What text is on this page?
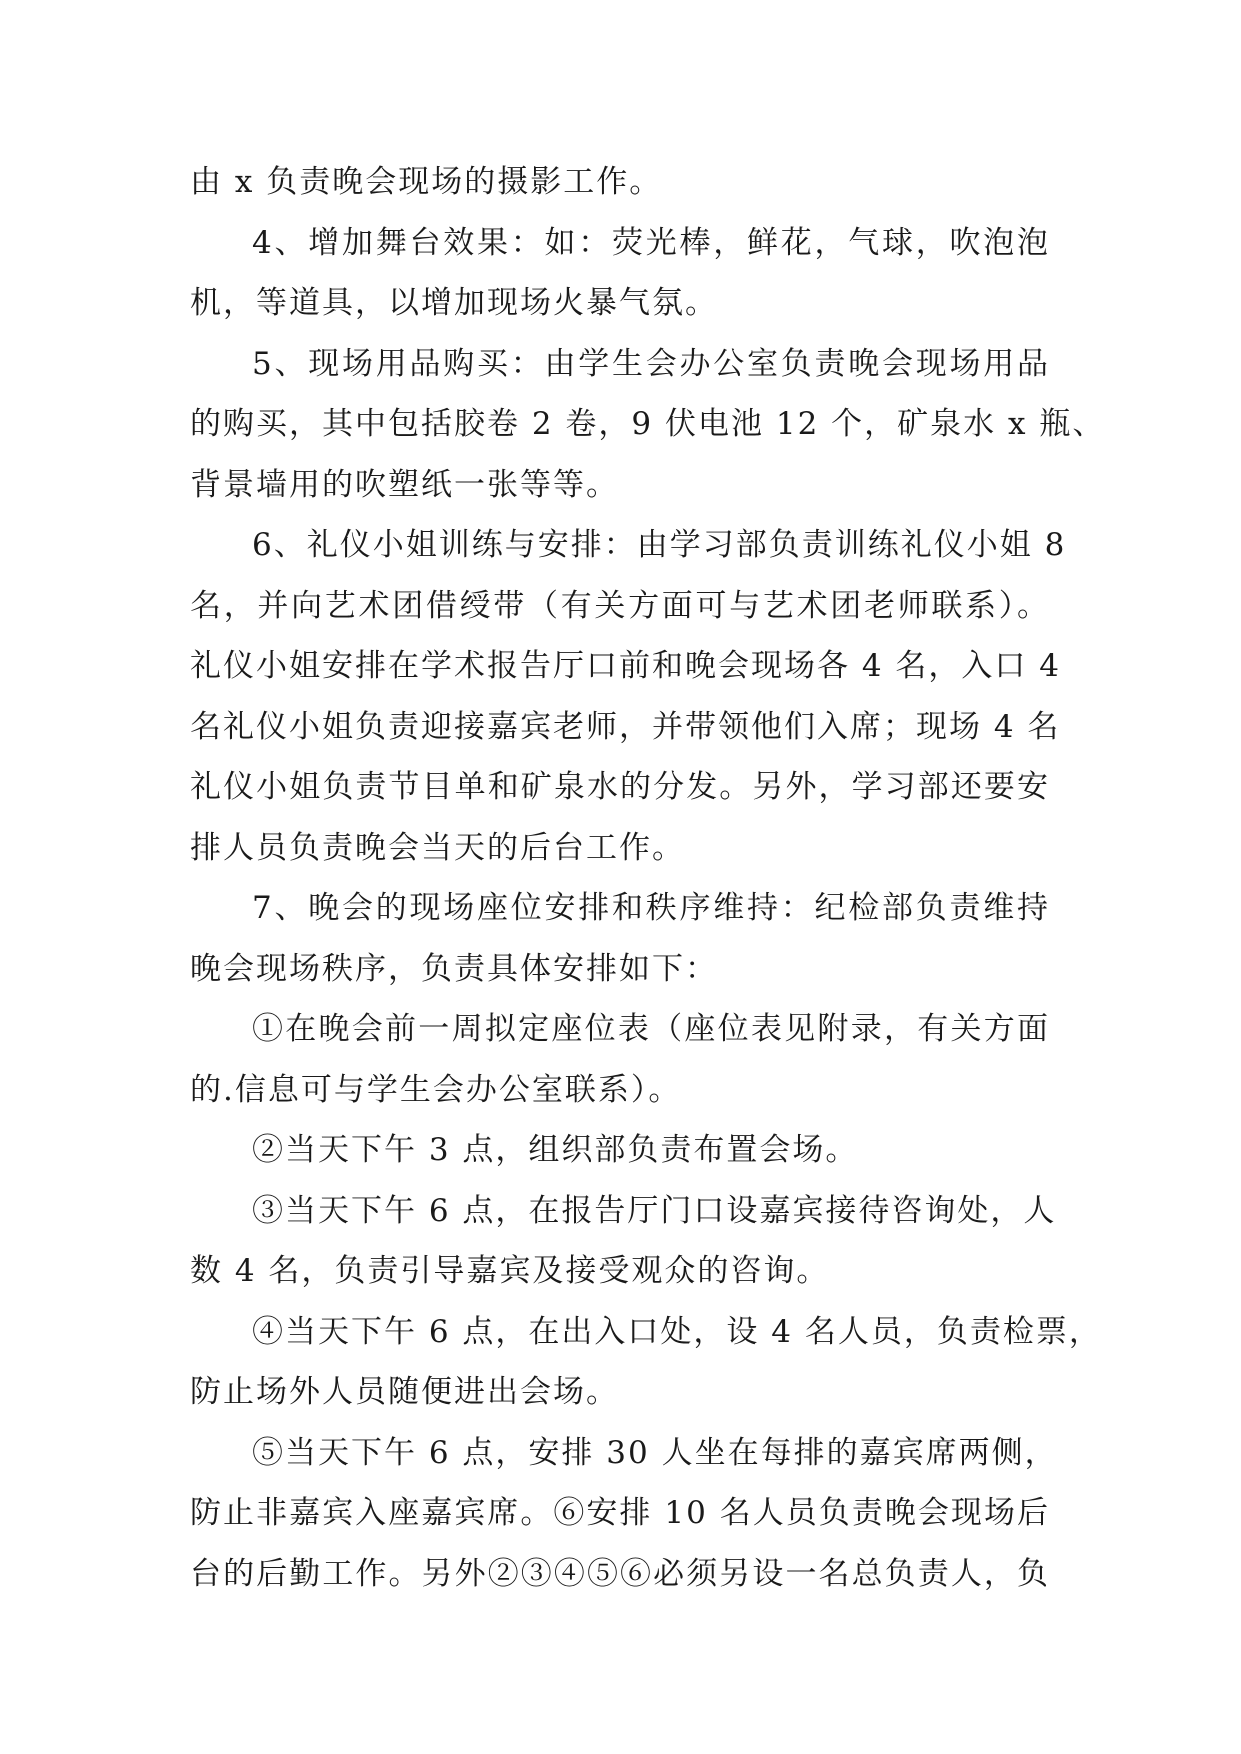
由 x 负责晚会现场的摄影工作。
4、增加舞台效果：如：荧光棒，鲜花，气球，吹泡泡
机，等道具，以增加现场火暴气氛。
5、现场用品购买：由学生会办公室负责晚会现场用品
的购买，其中包括胶卷 2 卷，9 伏电池 12 个，矿泉水 x 瓶、
背景墙用的吹塑纸一张等等。
6、礼仪小姐训练与安排：由学习部负责训练礼仪小姐 8
名，并向艺术团借绶带（有关方面可与艺术团老师联系）。
礼仪小姐安排在学术报告厅口前和晚会现场各 4 名，入口 4
名礼仪小姐负责迎接嘉宾老师，并带领他们入席；现场 4 名
礼仪小姐负责节目单和矿泉水的分发。另外，学习部还要安
排人员负责晚会当天的后台工作。
7、晚会的现场座位安排和秩序维持：纪检部负责维持
晚会现场秩序，负责具体安排如下：
①在晚会前一周拟定座位表（座位表见附录，有关方面
的.信息可与学生会办公室联系）。
②当天下午 3 点，组织部负责布置会场。
③当天下午 6 点，在报告厅门口设嘉宾接待咨询处，人
数 4 名，负责引导嘉宾及接受观众的咨询。
④当天下午 6 点，在出入口处，设 4 名人员，负责检票，
防止场外人员随便进出会场。
⑤当天下午 6 点，安排 30 人坐在每排的嘉宾席两侧，
防止非嘉宾入座嘉宾席。⑥安排 10 名人员负责晚会现场后
台的后勤工作。另外②③④⑤⑥必须另设一名总负责人，负
